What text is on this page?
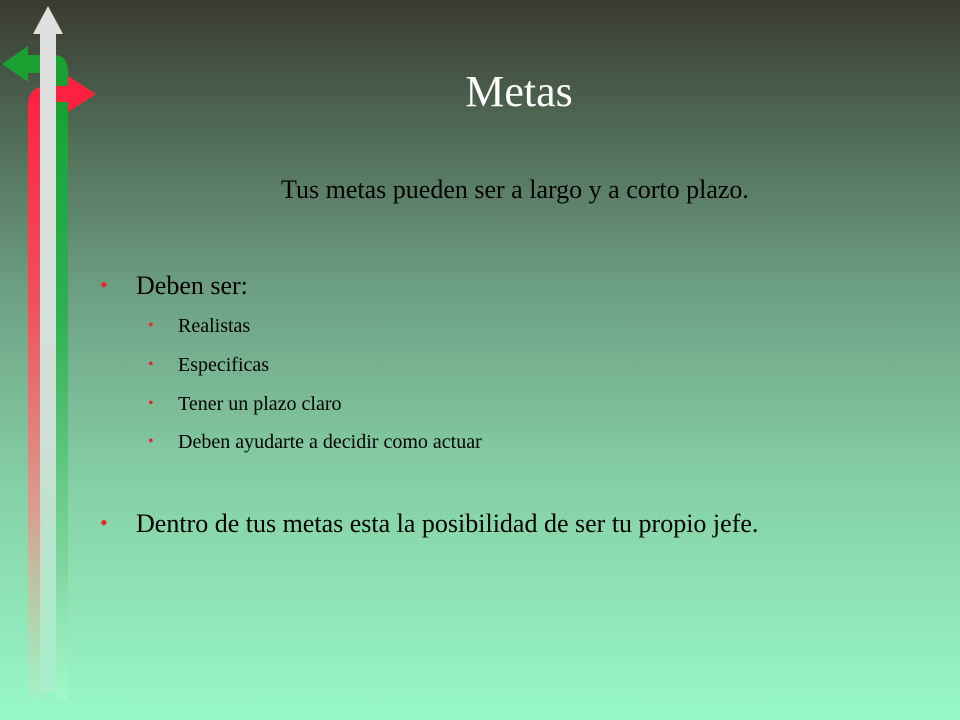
Metas
Tus metas pueden ser a largo y a corto plazo.
• Deben ser:
• Realistas
• Especificas
• Tener un plazo claro
• Deben ayudarte a decidir como actuar
• Dentro de tus metas esta la posibilidad de ser tu propio jefe.
